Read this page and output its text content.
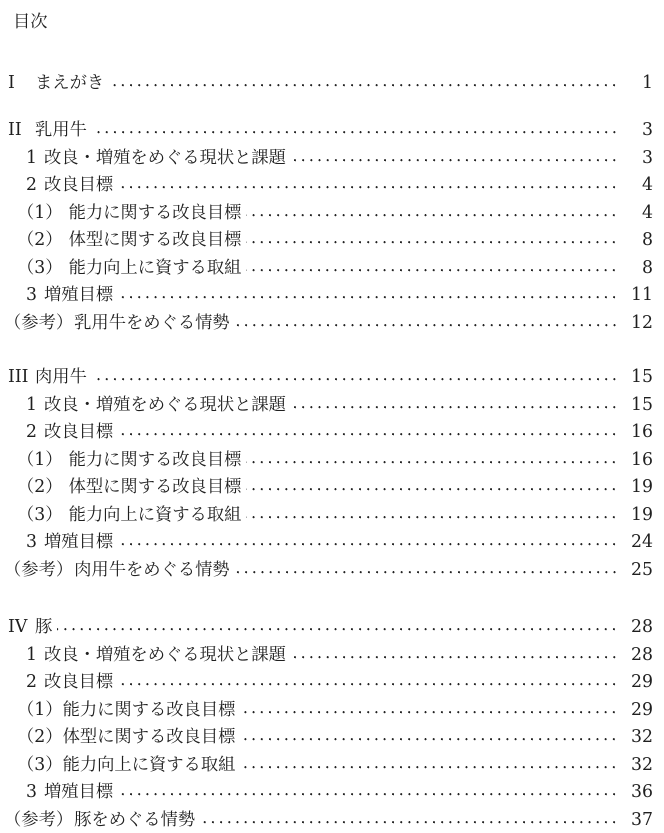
目次
I	まえがき	1
II 乳用牛	3
1 改良・増殖をめぐる現状と課題	3
2 改良目標	4
（1） 能力に関する改良目標	4
（2） 体型に関する改良目標	8
（3） 能力向上に資する取組	8
3 増殖目標	11
（参考） 乳用牛をめぐる情勢	12
III 肉用牛	15
1 改良・増殖をめぐる現状と課題	15
2 改良目標	16
（1） 能力に関する改良目標	16
（2） 体型に関する改良目標	19
（3） 能力向上に資する取組	19
3 増殖目標	24
（参考） 肉用牛をめぐる情勢	25
IV 豚	28
1 改良・増殖をめぐる現状と課題	28
2 改良目標	29
（1） 能力に関する改良目標	29
（2） 体型に関する改良目標	32
（3） 能力向上に資する取組	32
3 増殖目標	36
（参考） 豚をめぐる情勢	37
